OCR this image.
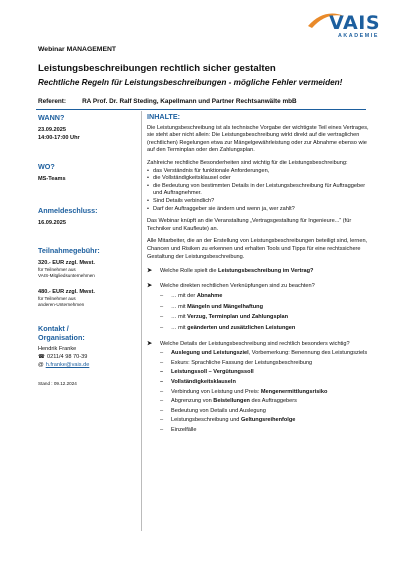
VAIS
AKADEMIE
Webinar MANAGEMENT
Leistungsbeschreibungen rechtlich sicher gestalten
Rechtliche Regeln für Leistungsbeschreibungen - mögliche Fehler vermeiden!
Referent:	RA Prof. Dr. Ralf Steding, Kapellmann und Partner Rechtsanwälte mbB
WANN?
23.09.2025
14:00-17:00 Uhr
WO?
MS-Teams
Anmeldeschluss:
16.09.2025
Teilnahmegebühr:
320.- EUR zzgl. Mwst.
für Teilnehmer aus
VAIS-Mitgliedsunternehmen
480.- EUR zzgl. Mwst.
für Teilnehmer aus
anderen-Unternehmen
Kontakt /
Organisation:
Hendrik Franke
☎ 0211/4 98 70-39
@ h.franke@vais.de
Stand : 09.12.2024
INHALTE:

Die Leistungsbeschreibung ist als technische Vorgabe der wichtigste Teil eines Vertrages, sie steht aber nicht allein: Die Leistungsbeschreibung wirkt direkt auf die vertraglichen (rechtlichen) Regelungen etwa zur Mängelgewährleistung oder zur Abnahme ebenso wie auf den Terminplan oder den Zahlungsplan.

Zahlreiche rechtliche Besonderheiten sind wichtig für die Leistungsbeschreibung:

• das Verständnis für funktionale Anforderungen,
• die Vollständigkeitsklausel oder
• die Bedeutung von bestimmten Details in der Leistungsbeschreibung für Auftraggeber und Auftragnehmer.
• Sind Details verbindlich?
• Darf der Auftraggeber sie ändern und wenn ja, wer zahlt?

Das Webinar knüpft an die Veranstaltung „Vertragsgestaltung für Ingenieure...“ (für Techniker und Kaufleute) an.

Alle Mitarbeiter, die an der Erstellung von Leistungsbeschreibungen beteiligt sind, lernen, Chancen und Risiken zu erkennen und erhalten Tools und Tipps für eine rechtssichere Gestaltung der Leistungsbeschreibung.

➤ Welche Rolle spielt die Leistungsbeschreibung im Vertrag?
➤ Welche direkten rechtlichen Verknüpfungen sind zu beachten?
– … mit der Abnahme
– … mit Mängeln und Mängelhaftung
– … mit Verzug, Terminplan und Zahlungsplan
– … mit geänderten und zusätzlichen Leistungen
➤ Welche Details der Leistungsbeschreibung sind rechtlich besonders wichtig?
– Auslegung und Leistungsziel, Vorbemerkung: Benennung des Leistungsziels
– Exkurs: Sprachliche Fassung der Leistungsbeschreibung
– Leistungssoll – Vergütungssoll
– Vollständigkeitsklauseln
– Verbindung von Leistung und Preis: Mengenermittlungsrisiko
– Abgrenzung von Beistellungen des Auftraggebers
– Bedeutung von Details und Auslegung
– Leistungsbeschreibung und Geltungsreihenfolge
– Einzelfälle
